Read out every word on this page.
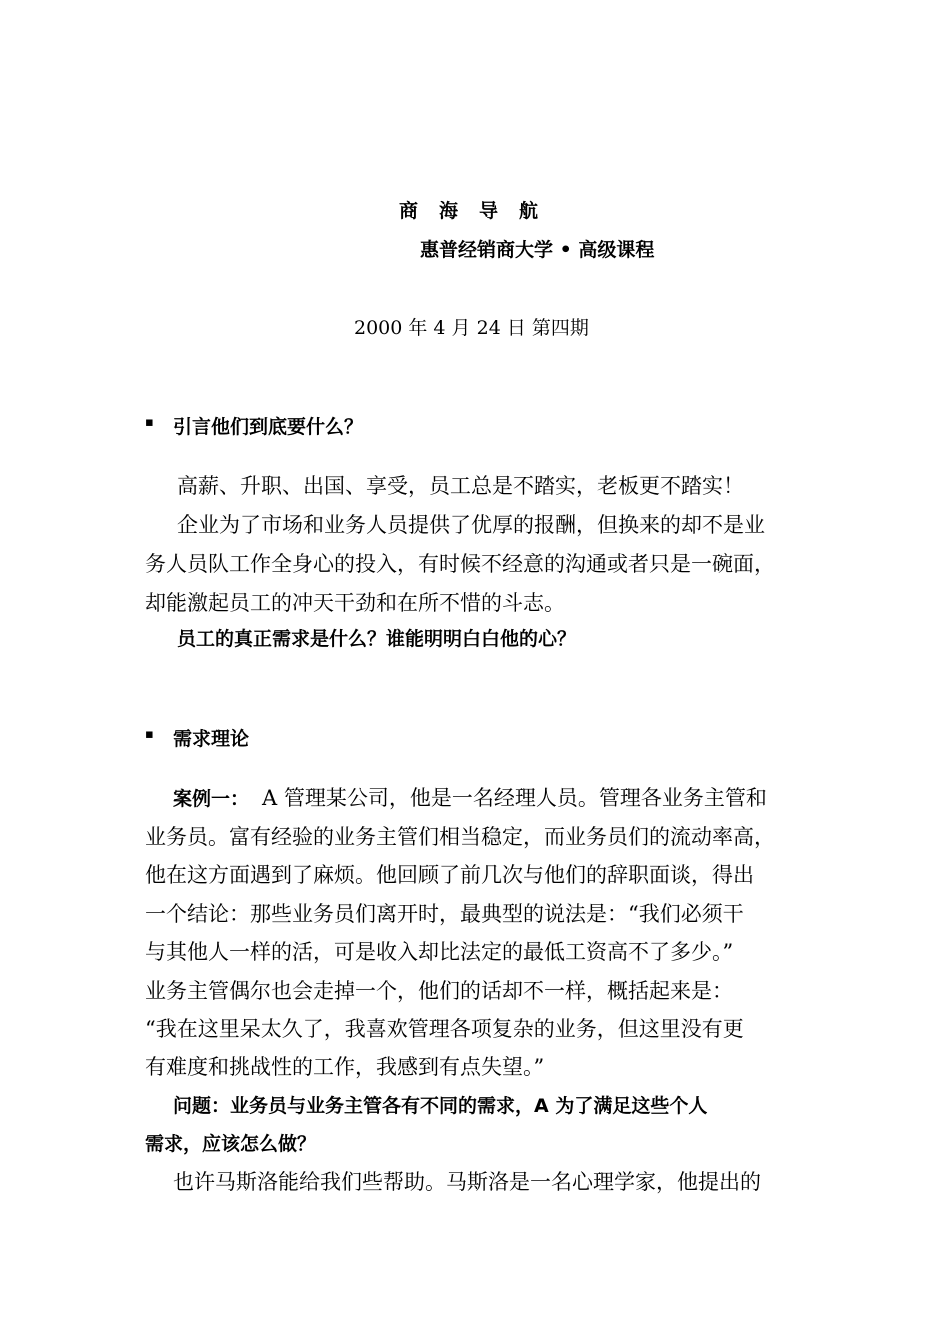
商海导航
惠普经销商大学 • 高级课程
2000 年 4 月 24 日 第四期
▪ 引言他们到底要什么？
高薪、升职、出国、享受，员工总是不踏实，老板更不踏实！
企业为了市场和业务人员提供了优厚的报酬，但换来的却不是业
务人员队工作全身心的投入，有时候不经意的沟通或者只是一碗面，
却能激起员工的冲天干劲和在所不惜的斗志。
员工的真正需求是什么？谁能明明白白他的心？
▪ 需求理论
案例一： A 管理某公司，他是一名经理人员。管理各业务主管和
业务员。富有经验的业务主管们相当稳定，而业务员们的流动率高，
他在这方面遇到了麻烦。他回顾了前几次与他们的辞职面谈，得出
一个结论：那些业务员们离开时，最典型的说法是：“我们必须干
与其他人一样的活，可是收入却比法定的最低工资高不了多少。”
业务主管偶尔也会走掉一个，他们的话却不一样，概括起来是：
“我在这里呆太久了，我喜欢管理各项复杂的业务，但这里没有更
有难度和挑战性的工作，我感到有点失望。”
问题：业务员与业务主管各有不同的需求，A 为了满足这些个人
需求，应该怎么做？
也许马斯洛能给我们些帮助。马斯洛是一名心理学家，他提出的
